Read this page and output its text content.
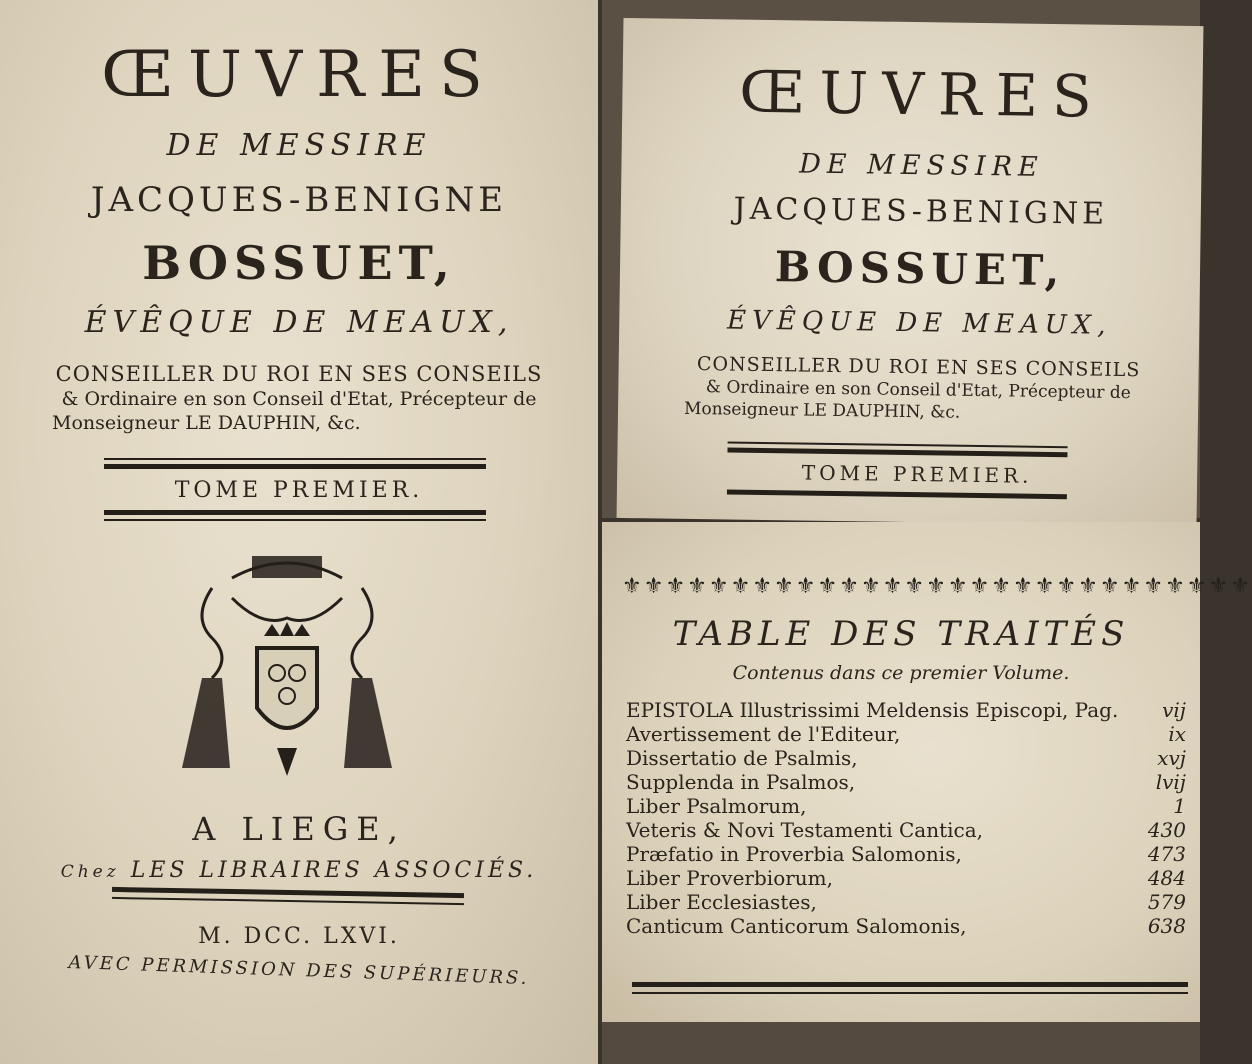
ŒUVRES
DE MESSIRE
JACQUES-BENIGNE
BOSSUET,
ÉVÊQUE DE MEAUX,
CONSEILLER DU ROI EN SES CONSEILS
& Ordinaire en son Conseil d'Etat, Précepteur de
Monseigneur LE DAUPHIN, &c.
TOME PREMIER.
A LIEGE,
Chez LES LIBRAIRES ASSOCIÉS.
M. DCC. LXVI.
AVEC PERMISSION DES SUPÉRIEURS.
ŒUVRES
DE MESSIRE
JACQUES-BENIGNE
BOSSUET,
ÉVÊQUE DE MEAUX,
CONSEILLER DU ROI EN SES CONSEILS
& Ordinaire en son Conseil d'Etat, Précepteur de
Monseigneur LE DAUPHIN, &c.
TOME PREMIER.
⚜⚜⚜⚜⚜⚜⚜⚜⚜⚜⚜⚜⚜⚜⚜⚜⚜⚜⚜⚜⚜⚜⚜⚜⚜⚜⚜⚜⚜
TABLE DES TRAITÉS
Contenus dans ce premier Volume.
EPISTOLA Illustrissimi Meldensis Episcopi, Pag. vij
Avertissement de l'Editeur,	ix
Dissertatio de Psalmis,	xvj
Supplenda in Psalmos,	lvij
Liber Psalmorum,	1
Veteris & Novi Testamenti Cantica,	430
Præfatio in Proverbia Salomonis,	473
Liber Proverbiorum,	484
Liber Ecclesiastes,	579
Canticum Canticorum Salomonis,	638
